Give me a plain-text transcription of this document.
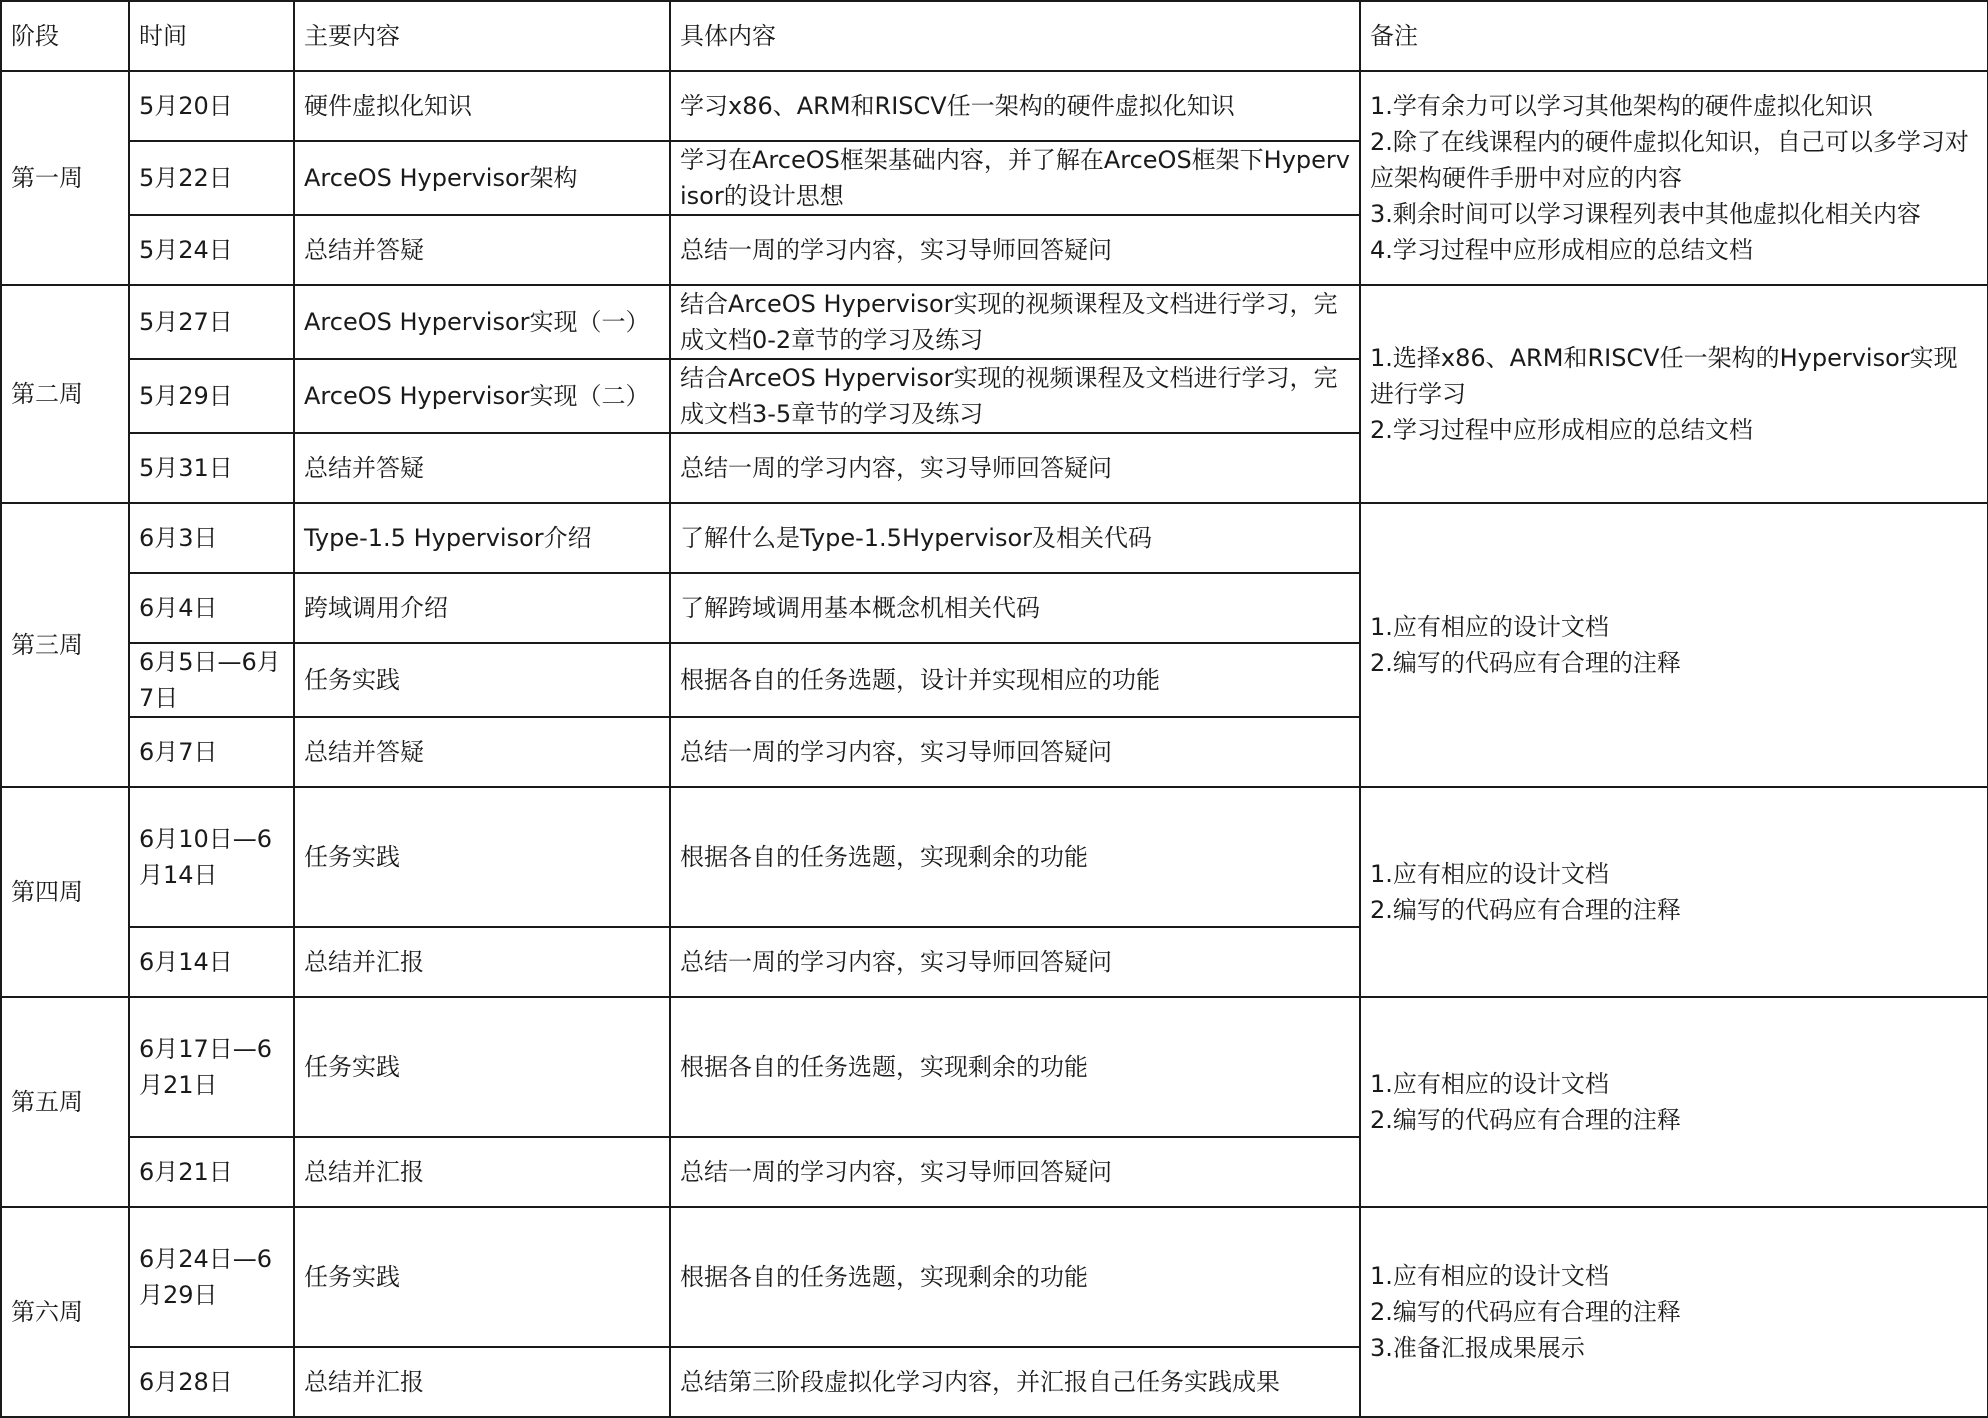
阶段	时间	主要内容	具体内容	备注
第一周	5月20日	硬件虚拟化知识	学习x86、ARM和RISCV任一架构的硬件虚拟化知识	1.学有余力可以学习其他架构的硬件虚拟化知识
2.除了在线课程内的硬件虚拟化知识，自己可以多学习对应架构硬件手册中对应的内容
3.剩余时间可以学习课程列表中其他虚拟化相关内容
4.学习过程中应形成相应的总结文档

	5月22日	ArceOS Hypervisor架构	学习在ArceOS框架基础内容，并了解在ArceOS框架下Hypervisor的设计思想	
	5月24日	总结并答疑	总结一周的学习内容，实习导师回答疑问	
第二周	5月27日	ArceOS Hypervisor实现（一）	结合ArceOS Hypervisor实现的视频课程及文档进行学习，完成文档0-2章节的学习及练习	1.选择x86、ARM和RISCV任一架构的Hypervisor实现进行学习
2.学习过程中应形成相应的总结文档

	5月29日	ArceOS Hypervisor实现（二）	结合ArceOS Hypervisor实现的视频课程及文档进行学习，完成文档3-5章节的学习及练习	
	5月31日	总结并答疑	总结一周的学习内容，实习导师回答疑问	
第三周	6月3日	Type-1.5 Hypervisor介绍	了解什么是Type-1.5Hypervisor及相关代码	1.应有相应的设计文档
2.编写的代码应有合理的注释

	6月4日	跨域调用介绍	了解跨域调用基本概念机相关代码	
	6月5日—6月7日	任务实践	根据各自的任务选题，设计并实现相应的功能	
	6月7日	总结并答疑	总结一周的学习内容，实习导师回答疑问	
第四周	6月10日—6月14日	任务实践	根据各自的任务选题，实现剩余的功能	1.应有相应的设计文档
2.编写的代码应有合理的注释

	6月14日	总结并汇报	总结一周的学习内容，实习导师回答疑问	
第五周	6月17日—6月21日	任务实践	根据各自的任务选题，实现剩余的功能	1.应有相应的设计文档
2.编写的代码应有合理的注释

	6月21日	总结并汇报	总结一周的学习内容，实习导师回答疑问	
第六周	6月24日—6月29日	任务实践	根据各自的任务选题，实现剩余的功能	1.应有相应的设计文档
2.编写的代码应有合理的注释
3.准备汇报成果展示

	6月28日	总结并汇报	总结第三阶段虚拟化学习内容，并汇报自己任务实践成果	
